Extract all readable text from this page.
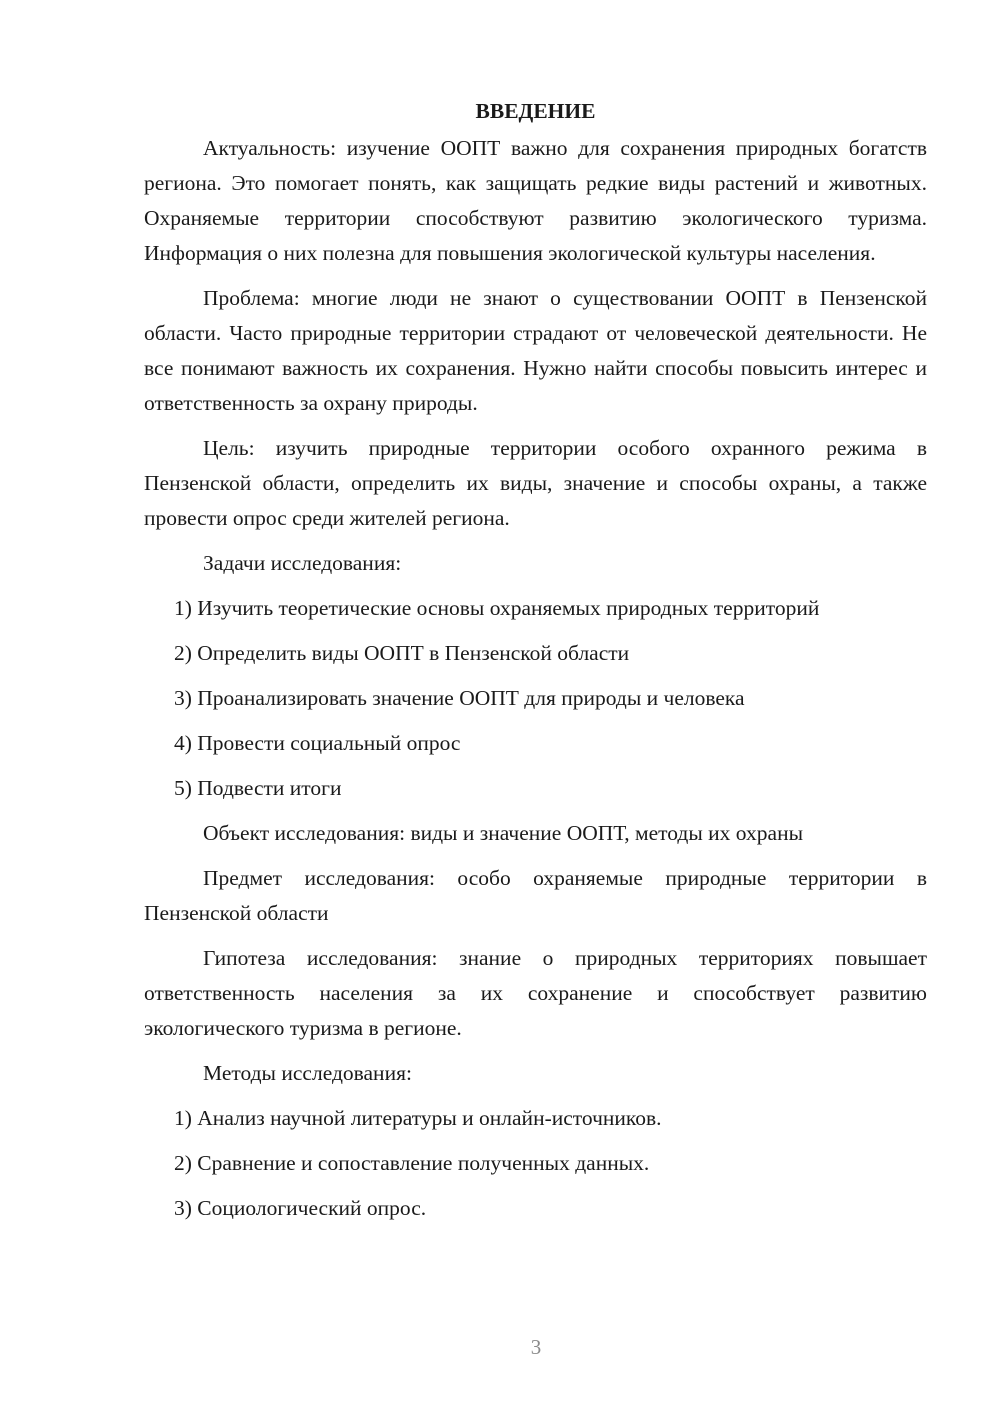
ВВЕДЕНИЕ

Актуальность: изучение ООПТ важно для сохранения природных богатств региона. Это помогает понять, как защищать редкие виды растений и животных. Охраняемые территории способствуют развитию экологического туризма. Информация о них полезна для повышения экологической культуры населения.

Проблема: многие люди не знают о существовании ООПТ в Пензенской области. Часто природные территории страдают от человеческой деятельности. Не все понимают важность их сохранения. Нужно найти способы повысить интерес и ответственность за охрану природы.

Цель: изучить природные территории особого охранного режима в Пензенской области, определить их виды, значение и способы охраны, а также провести опрос среди жителей региона.

Задачи исследования:

1) Изучить теоретические основы охраняемых природных территорий
2) Определить виды ООПТ в Пензенской области
3) Проанализировать значение ООПТ для природы и человека
4) Провести социальный опрос
5) Подвести итоги

Объект исследования: виды и значение ООПТ, методы их охраны

Предмет исследования: особо охраняемые природные территории в Пензенской области

Гипотеза исследования: знание о природных территориях повышает ответственность населения за их сохранение и способствует развитию экологического туризма в регионе.

Методы исследования:

1) Анализ научной литературы и онлайн-источников.
2) Сравнение и сопоставление полученных данных.
3) Социологический опрос.
3
